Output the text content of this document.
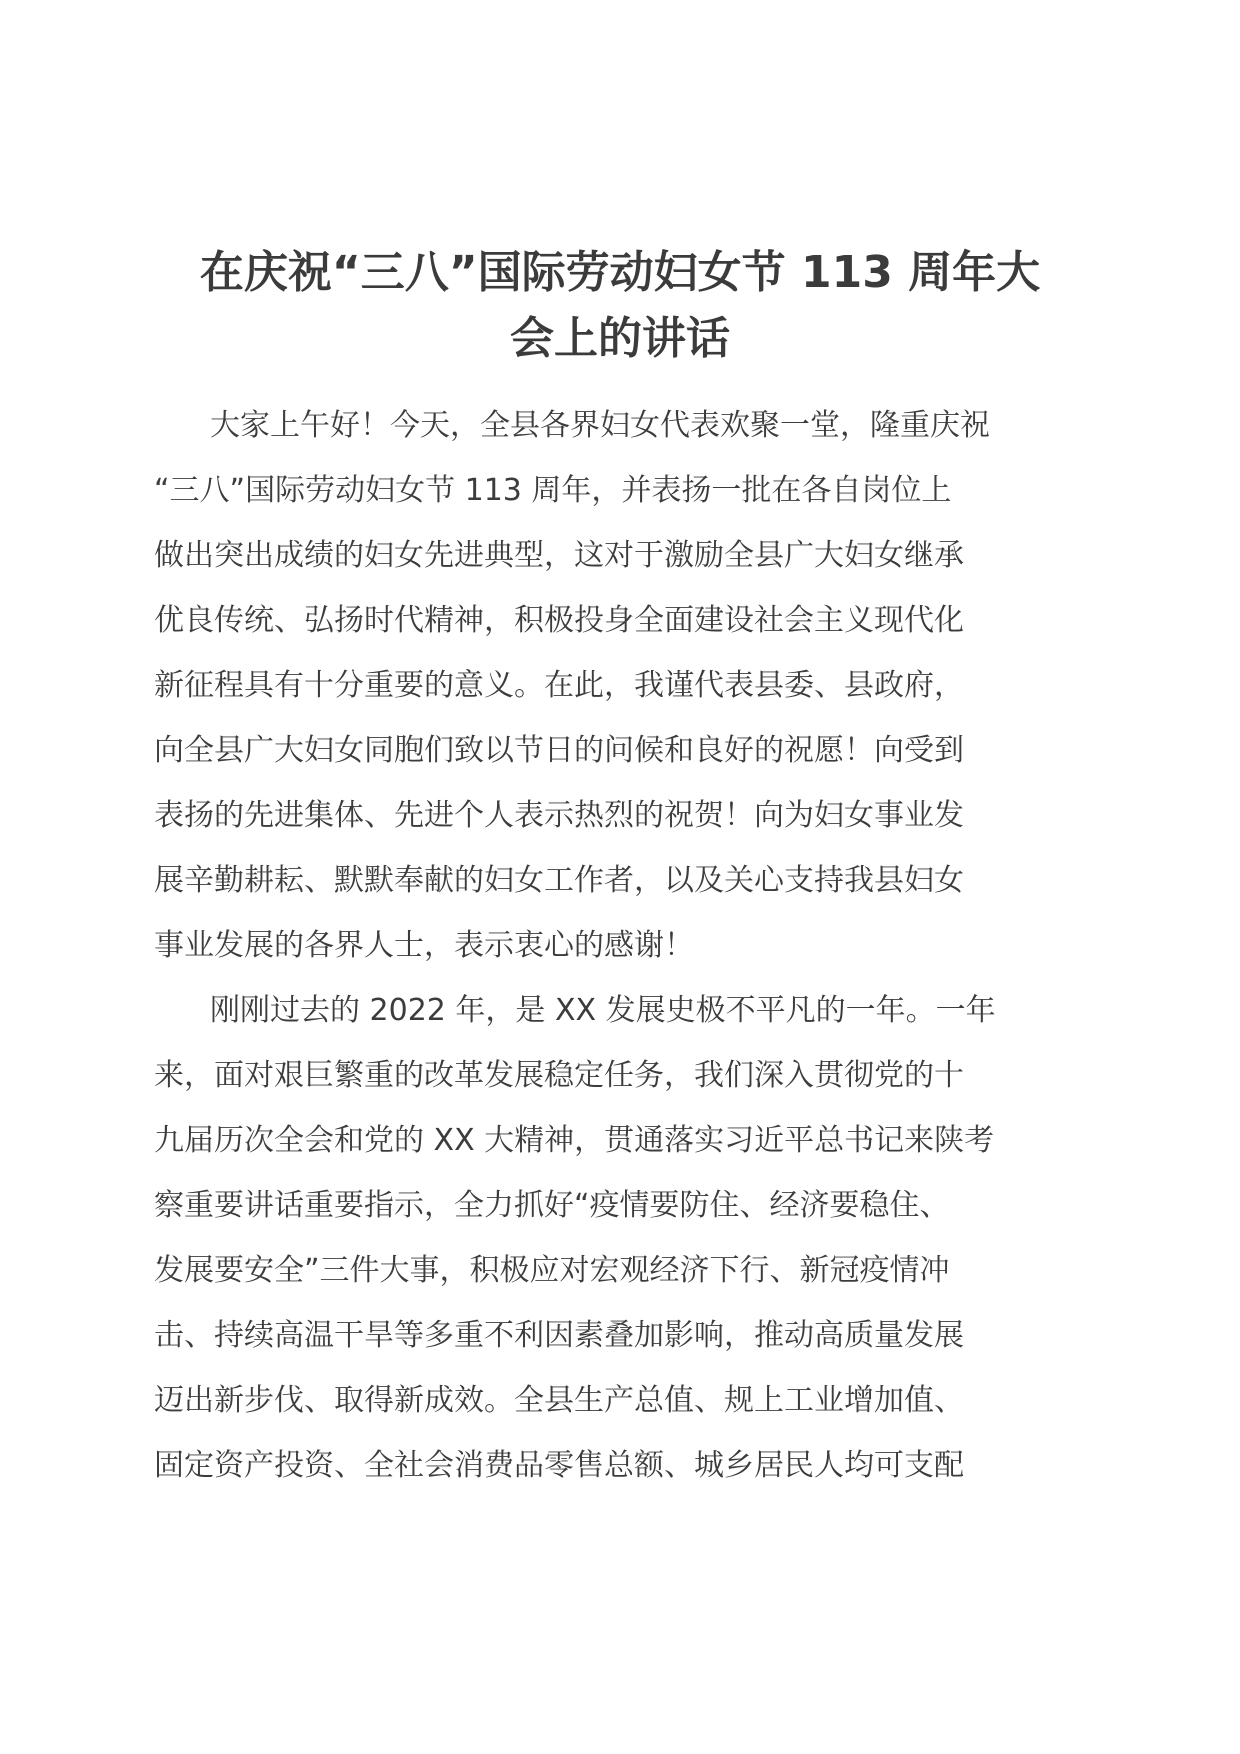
在庆祝“三八”国际劳动妇女节 113 周年大
会上的讲话
大家上午好！今天，全县各界妇女代表欢聚一堂，隆重庆祝
“三八”国际劳动妇女节 113 周年，并表扬一批在各自岗位上
做出突出成绩的妇女先进典型，这对于激励全县广大妇女继承
优良传统、弘扬时代精神，积极投身全面建设社会主义现代化
新征程具有十分重要的意义。在此，我谨代表县委、县政府，
向全县广大妇女同胞们致以节日的问候和良好的祝愿！向受到
表扬的先进集体、先进个人表示热烈的祝贺！向为妇女事业发
展辛勤耕耘、默默奉献的妇女工作者，以及关心支持我县妇女
事业发展的各界人士，表示衷心的感谢！
刚刚过去的 2022 年，是 XX 发展史极不平凡的一年。一年
来，面对艰巨繁重的改革发展稳定任务，我们深入贯彻党的十
九届历次全会和党的 XX 大精神，贯通落实习近平总书记来陕考
察重要讲话重要指示，全力抓好“疫情要防住、经济要稳住、
发展要安全”三件大事，积极应对宏观经济下行、新冠疫情冲
击、持续高温干旱等多重不利因素叠加影响，推动高质量发展
迈出新步伐、取得新成效。全县生产总值、规上工业增加值、
固定资产投资、全社会消费品零售总额、城乡居民人均可支配
